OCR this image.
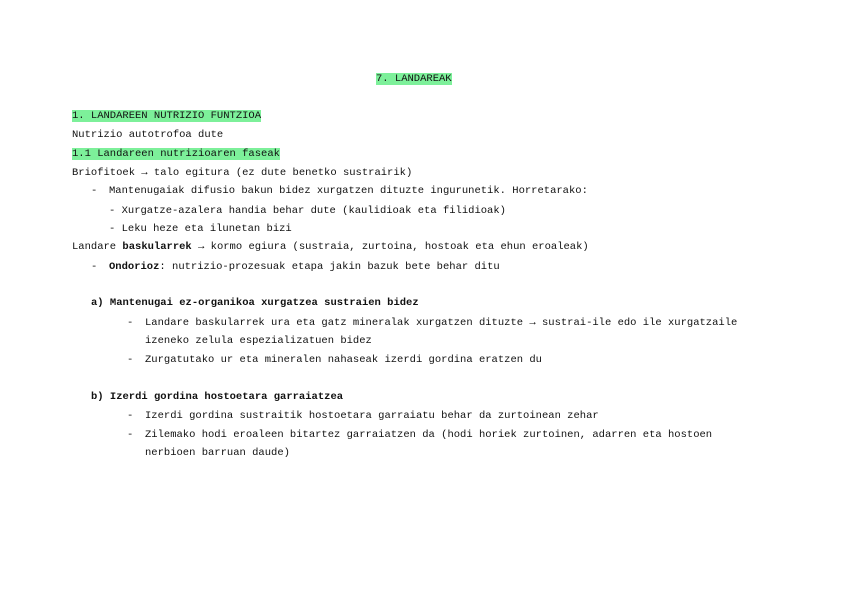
7. LANDAREAK
1. LANDAREEN NUTRIZIO FUNTZIOA
Nutrizio autotrofoa dute
1.1 Landareen nutrizioaren faseak
Briofitoek → talo egitura (ez dute benetko sustrairik)
- Mantenugaiak difusio bakun bidez xurgatzen dituzte ingurunetik. Horretarako:
- Xurgatze-azalera handia behar dute (kaulidioak eta filidioak)
- Leku heze eta ilunetan bizi
Landare baskularrek → kormo egiura (sustraia, zurtoina, hostoak eta ehun eroaleak)
- Ondorioz: nutrizio-prozesuak etapa jakin bazuk bete behar ditu
a) Mantenugai ez-organikoa xurgatzea sustraien bidez
- Landare baskularrek ura eta gatz mineralak xurgatzen dituzte → sustrai-ile edo ile xurgatzaile
izeneko zelula espezializatuen bidez
- Zurgatutako ur eta mineralen nahaseak izerdi gordina eratzen du
b) Izerdi gordina hostoetara garraiatzea
- Izerdi gordina sustraitik hostoetara garraiatu behar da zurtoinean zehar
- Zilemako hodi eroaleen bitartez garraiatzen da (hodi horiek zurtoinen, adarren eta hostoen
nerbioen barruan daude)
